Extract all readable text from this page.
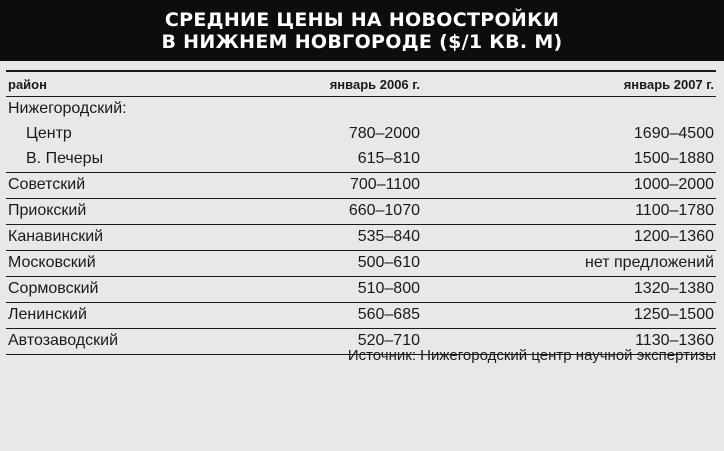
СРЕДНИЕ ЦЕНЫ НА НОВОСТРОЙКИ
В НИЖНЕМ НОВГОРОДЕ ($/1 КВ. М)
район	январь 2006 г.	январь 2007 г.
Нижегородский:
Центр	780–2000	1690–4500
В. Печеры	615–810	1500–1880
Советский	700–1100	1000–2000
Приокский	660–1070	1100–1780
Канавинский	535–840	1200–1360
Московский	500–610	нет предложений
Сормовский	510–800	1320–1380
Ленинский	560–685	1250–1500
Автозаводский	520–710	1130–1360
Источник: Нижегородский центр научной экспертизы
